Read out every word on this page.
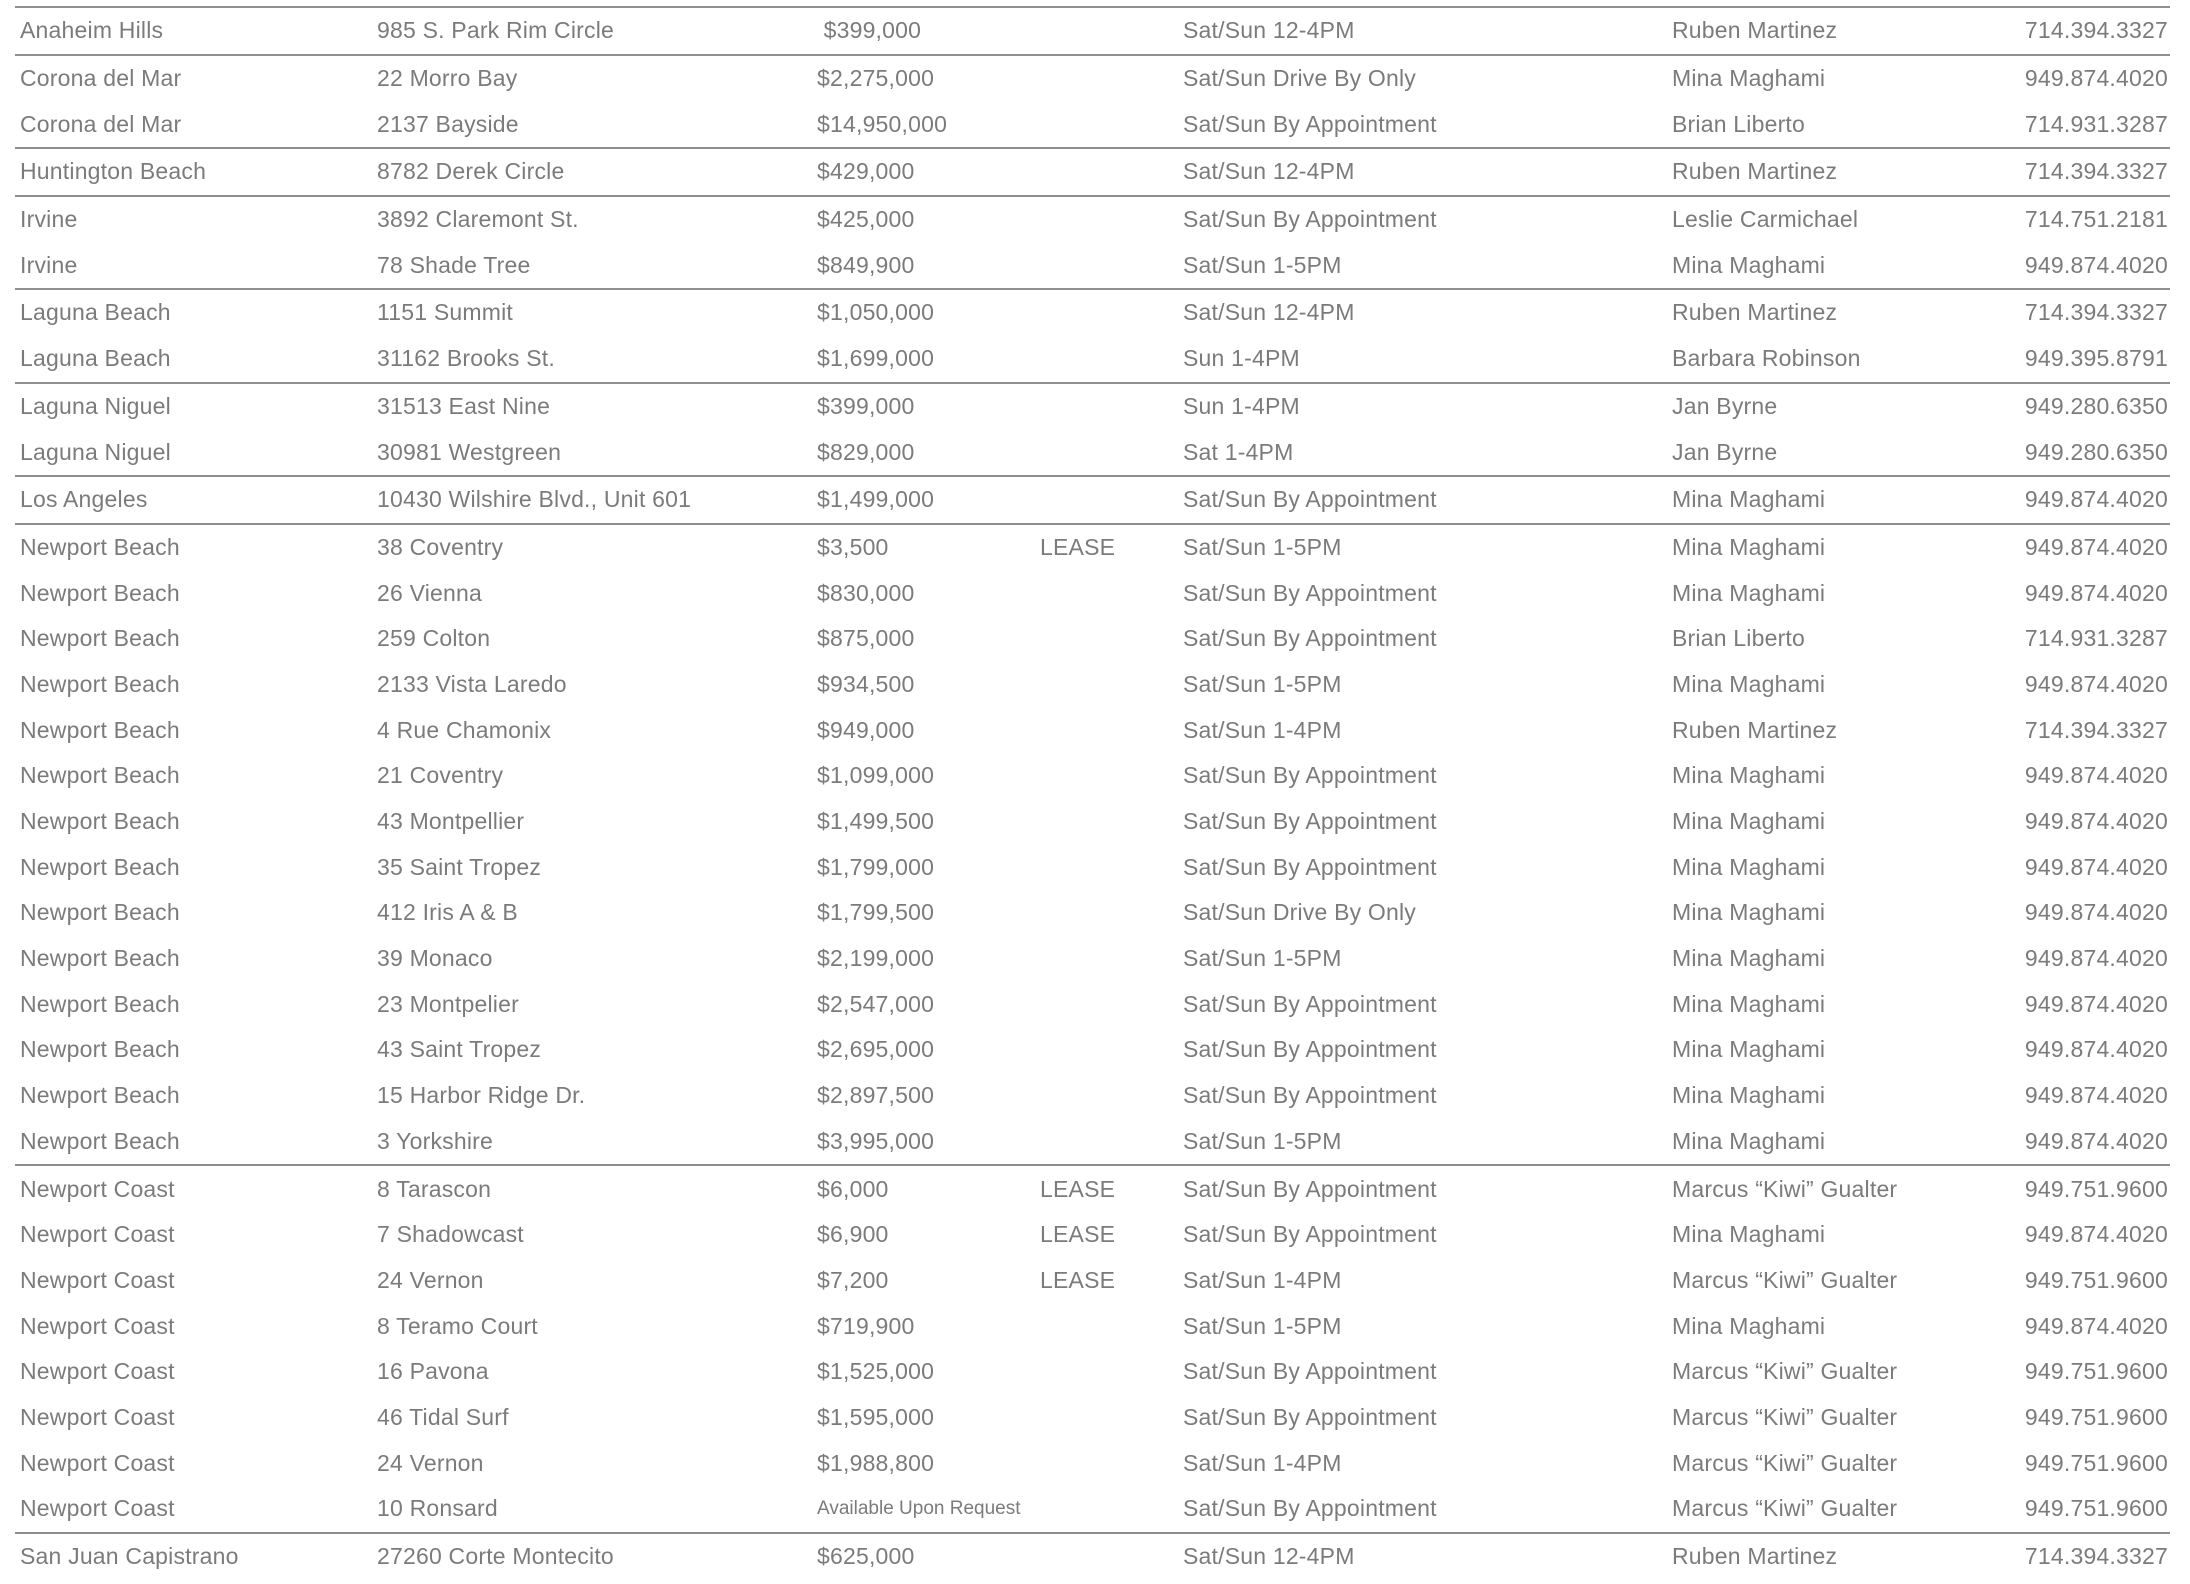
Anaheim Hills	985 S. Park Rim Circle	$399,000	Sat/Sun 12-4PM	Ruben Martinez	714.394.3327
Corona del Mar	22 Morro Bay	$2,275,000	Sat/Sun Drive By Only	Mina Maghami	949.874.4020
Corona del Mar	2137 Bayside	$14,950,000	Sat/Sun By Appointment	Brian Liberto	714.931.3287
Huntington Beach	8782 Derek Circle	$429,000	Sat/Sun 12-4PM	Ruben Martinez	714.394.3327
Irvine	3892 Claremont St.	$425,000	Sat/Sun By Appointment	Leslie Carmichael	714.751.2181
Irvine	78 Shade Tree	$849,900	Sat/Sun 1-5PM	Mina Maghami	949.874.4020
Laguna Beach	1151 Summit	$1,050,000	Sat/Sun 12-4PM	Ruben Martinez	714.394.3327
Laguna Beach	31162 Brooks St.	$1,699,000	Sun 1-4PM	Barbara Robinson	949.395.8791
Laguna Niguel	31513 East Nine	$399,000	Sun 1-4PM	Jan Byrne	949.280.6350
Laguna Niguel	30981 Westgreen	$829,000	Sat 1-4PM	Jan Byrne	949.280.6350
Los Angeles	10430 Wilshire Blvd., Unit 601	$1,499,000	Sat/Sun By Appointment	Mina Maghami	949.874.4020
Newport Beach	38 Coventry	$3,500	LEASE	Sat/Sun 1-5PM	Mina Maghami	949.874.4020
Newport Beach	26 Vienna	$830,000	Sat/Sun By Appointment	Mina Maghami	949.874.4020
Newport Beach	259 Colton	$875,000	Sat/Sun By Appointment	Brian Liberto	714.931.3287
Newport Beach	2133 Vista Laredo	$934,500	Sat/Sun 1-5PM	Mina Maghami	949.874.4020
Newport Beach	4 Rue Chamonix	$949,000	Sat/Sun 1-4PM	Ruben Martinez	714.394.3327
Newport Beach	21 Coventry	$1,099,000	Sat/Sun By Appointment	Mina Maghami	949.874.4020
Newport Beach	43 Montpellier	$1,499,500	Sat/Sun By Appointment	Mina Maghami	949.874.4020
Newport Beach	35 Saint Tropez	$1,799,000	Sat/Sun By Appointment	Mina Maghami	949.874.4020
Newport Beach	412 Iris A & B	$1,799,500	Sat/Sun Drive By Only	Mina Maghami	949.874.4020
Newport Beach	39 Monaco	$2,199,000	Sat/Sun 1-5PM	Mina Maghami	949.874.4020
Newport Beach	23 Montpelier	$2,547,000	Sat/Sun By Appointment	Mina Maghami	949.874.4020
Newport Beach	43 Saint Tropez	$2,695,000	Sat/Sun By Appointment	Mina Maghami	949.874.4020
Newport Beach	15 Harbor Ridge Dr.	$2,897,500	Sat/Sun By Appointment	Mina Maghami	949.874.4020
Newport Beach	3 Yorkshire	$3,995,000	Sat/Sun 1-5PM	Mina Maghami	949.874.4020
Newport Coast	8 Tarascon	$6,000	LEASE	Sat/Sun By Appointment	Marcus “Kiwi” Gualter	949.751.9600
Newport Coast	7 Shadowcast	$6,900	LEASE	Sat/Sun By Appointment	Mina Maghami	949.874.4020
Newport Coast	24 Vernon	$7,200	LEASE	Sat/Sun 1-4PM	Marcus “Kiwi” Gualter	949.751.9600
Newport Coast	8 Teramo Court	$719,900	Sat/Sun 1-5PM	Mina Maghami	949.874.4020
Newport Coast	16 Pavona	$1,525,000	Sat/Sun By Appointment	Marcus “Kiwi” Gualter	949.751.9600
Newport Coast	46 Tidal Surf	$1,595,000	Sat/Sun By Appointment	Marcus “Kiwi” Gualter	949.751.9600
Newport Coast	24 Vernon	$1,988,800	Sat/Sun 1-4PM	Marcus “Kiwi” Gualter	949.751.9600
Newport Coast	10 Ronsard	Available Upon Request	Sat/Sun By Appointment	Marcus “Kiwi” Gualter	949.751.9600
San Juan Capistrano	27260 Corte Montecito	$625,000	Sat/Sun 12-4PM	Ruben Martinez	714.394.3327
